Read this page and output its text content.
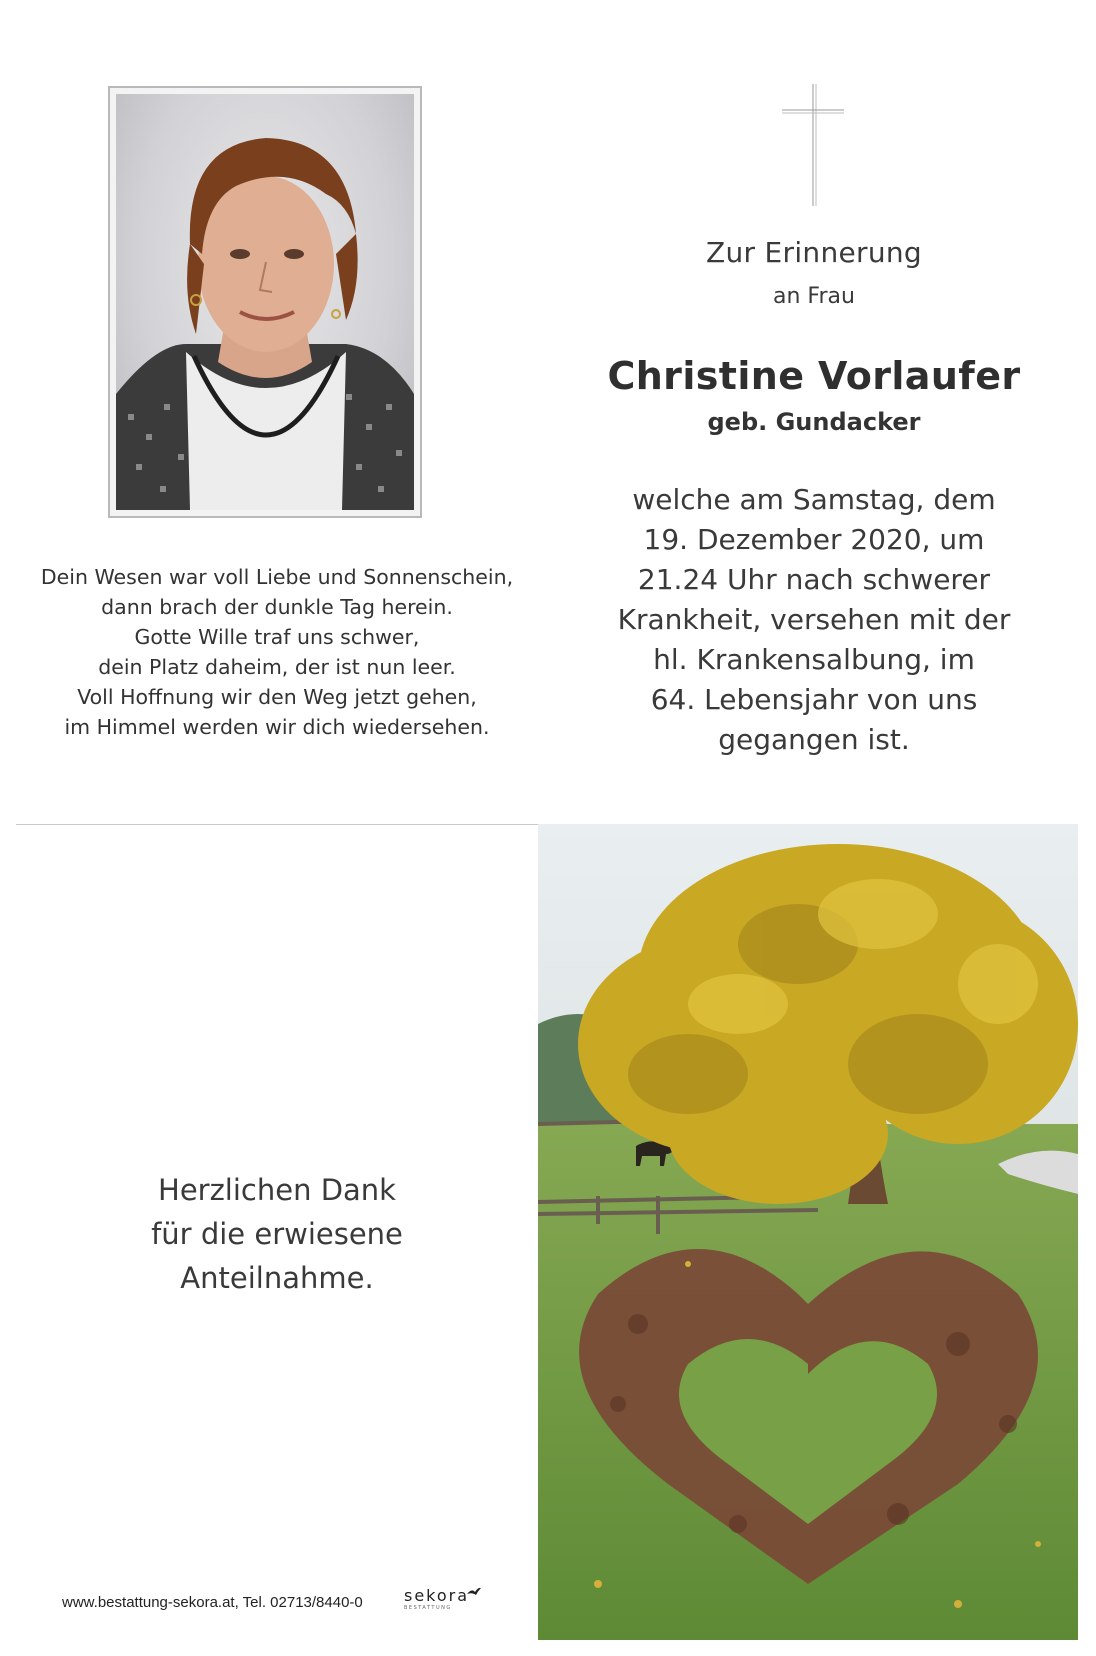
Dein Wesen war voll Liebe und Sonnenschein,
dann brach der dunkle Tag herein.
Gotte Wille traf uns schwer,
dein Platz daheim, der ist nun leer.
Voll Hoffnung wir den Weg jetzt gehen,
im Himmel werden wir dich wiedersehen.
Zur Erinnerung
an Frau
Christine Vorlaufer
geb. Gundacker
welche am Samstag, dem
19. Dezember 2020, um
21.24 Uhr nach schwerer
Krankheit, versehen mit der
hl. Krankensalbung, im
64. Lebensjahr von uns
gegangen ist.
Herzlichen Dank
für die erwiesene
Anteilnahme.
www.bestattung-sekora.at, Tel. 02713/8440-0	sekora
BESTATTUNG
